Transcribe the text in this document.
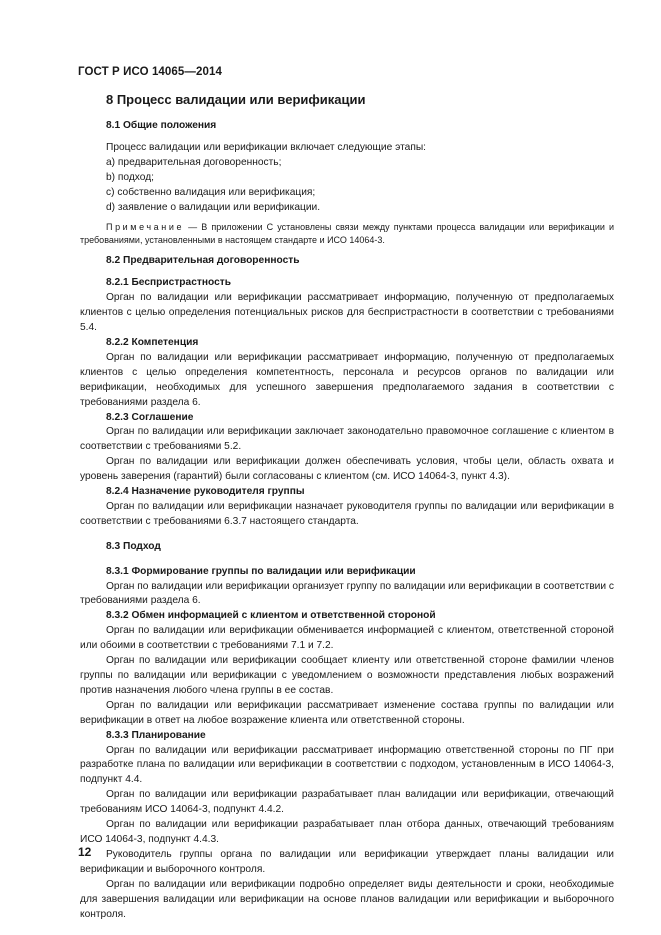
ГОСТ Р ИСО 14065—2014
8 Процесс валидации или верификации
8.1 Общие положения

Процесс валидации или верификации включает следующие этапы:

а) предварительная договоренность;

b) подход;

с) собственно валидация или верификация;

d) заявление о валидации или верификации.

Примечание — В приложении С установлены связи между пунктами процесса валидации или верификации и требованиями, установленными в настоящем стандарте и ИСО 14064-3.

8.2 Предварительная договоренность
8.2.1 Беспристрастность

Орган по валидации или верификации рассматривает информацию, полученную от предполагаемых клиентов с целью определения потенциальных рисков для беспристрастности в соответствии с требованиями 5.4.

8.2.2 Компетенция

Орган по валидации или верификации рассматривает информацию, полученную от предполагаемых клиентов с целью определения компетентность, персонала и ресурсов органов по валидации или верификации, необходимых для успешного завершения предполагаемого задания в соответствии с требованиями раздела 6.

8.2.3 Соглашение

Орган по валидации или верификации заключает законодательно правомочное соглашение с клиентом в соответствии с требованиями 5.2.

Орган по валидации или верификации должен обеспечивать условия, чтобы цели, область охвата и уровень заверения (гарантий) были согласованы с клиентом (см. ИСО 14064-3, пункт 4.3).

8.2.4 Назначение руководителя группы

Орган по валидации или верификации назначает руководителя группы по валидации или верификации в соответствии с требованиями 6.3.7 настоящего стандарта.

8.3 Подход
8.3.1 Формирование группы по валидации или верификации

Орган по валидации или верификации организует группу по валидации или верификации в соответствии с требованиями раздела 6.

8.3.2 Обмен информацией с клиентом и ответственной стороной

Орган по валидации или верификации обменивается информацией с клиентом, ответственной стороной или обоими в соответствии с требованиями 7.1 и 7.2.

Орган по валидации или верификации сообщает клиенту или ответственной стороне фамилии членов группы по валидации или верификации с уведомлением о возможности представления любых возражений против назначения любого члена группы в ее состав.

Орган по валидации или верификации рассматривает изменение состава группы по валидации или верификации в ответ на любое возражение клиента или ответственной стороны.

8.3.3 Планирование

Орган по валидации или верификации рассматривает информацию ответственной стороны по ПГ при разработке плана по валидации или верификации в соответствии с подходом, установленным в ИСО 14064-3, подпункт 4.4.

Орган по валидации или верификации разрабатывает план валидации или верификации, отвечающий требованиям ИСО 14064-3, подпункт 4.4.2.

Орган по валидации или верификации разрабатывает план отбора данных, отвечающий требованиям ИСО 14064-3, подпункт 4.4.3.

Руководитель группы органа по валидации или верификации утверждает планы валидации или верификации и выборочного контроля.

Орган по валидации или верификации подробно определяет виды деятельности и сроки, необходимые для завершения валидации или верификации на основе планов валидации или верификации и выборочного контроля.

12
